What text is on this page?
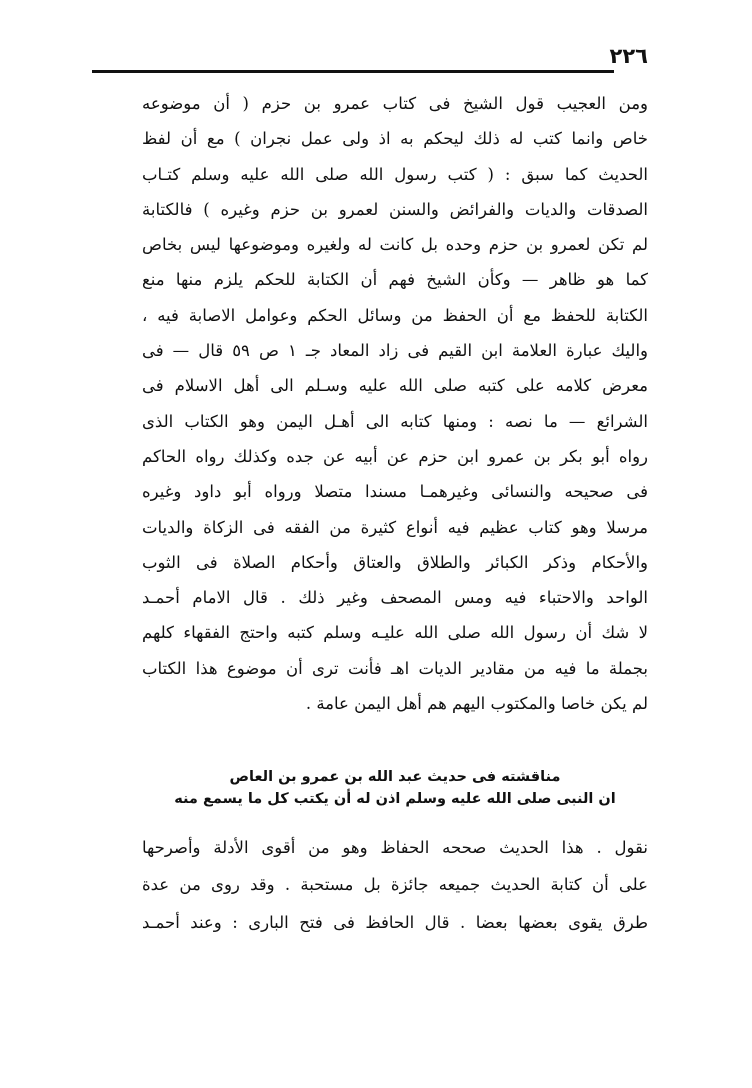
٢٢٦
ومن العجيب قول الشيخ فى كتاب عمرو بن حزم ( أن موضوعه
خاص وانما كتب له ذلك ليحكم به اذ ولى عمل نجران ) مع أن لفظ
الحديث كما سبق : ( كتب رسول الله صلى الله عليه وسلم كتـاب
الصدقات والديات والفرائض والسنن لعمرو بن حزم وغيره ) فالكتابة
لم تكن لعمرو بن حزم وحده بل كانت له ولغيره وموضوعها ليس بخاص
كما هو ظاهر — وكأن الشيخ فهم أن الكتابة للحكم يلزم منها منع
الكتابة للحفظ مع أن الحفظ من وسائل الحكم وعوامل الاصابة فيه ،
واليك عبارة العلامة ابن القيم فى زاد المعاد جـ ١ ص ٥٩ قال — فى
معرض كلامه على كتبه صلى الله عليه وسـلم الى أهل الاسلام فى
الشرائع — ما نصه : ومنها كتابه الى أهـل اليمن وهو الكتاب الذى
رواه أبو بكر بن عمرو ابن حزم عن أبيه عن جده وكذلك رواه الحاكم
فى صحيحه والنسائى وغيرهمـا مسندا متصلا ورواه أبو داود وغيره
مرسلا وهو كتاب عظيم فيه أنواع كثيرة من الفقه فى الزكاة والديات
والأحكام وذكر الكبائر والطلاق والعتاق وأحكام الصلاة فى الثوب
الواحد والاحتباء فيه ومس المصحف وغير ذلك . قال الامام أحمـد
لا شك أن رسول الله صلى الله عليـه وسلم كتبه واحتج الفقهاء كلهم
بجملة ما فيه من مقادير الديات اهـ فأنت ترى أن موضوع هذا الكتاب
لم يكن خاصا والمكتوب اليهم هم أهل اليمن عامة .
مناقشته فى حديث عبد الله بن عمرو بن العاص
ان النبى صلى الله عليه وسلم اذن له أن يكتب كل ما يسمع منه
نقول . هذا الحديث صححه الحفاظ وهو من أقوى الأدلة وأصرحها
على أن كتابة الحديث جميعه جائزة بل مستحبة . وقد روى من عدة
طرق يقوى بعضها بعضا . قال الحافظ فى فتح البارى : وعند أحمـد
